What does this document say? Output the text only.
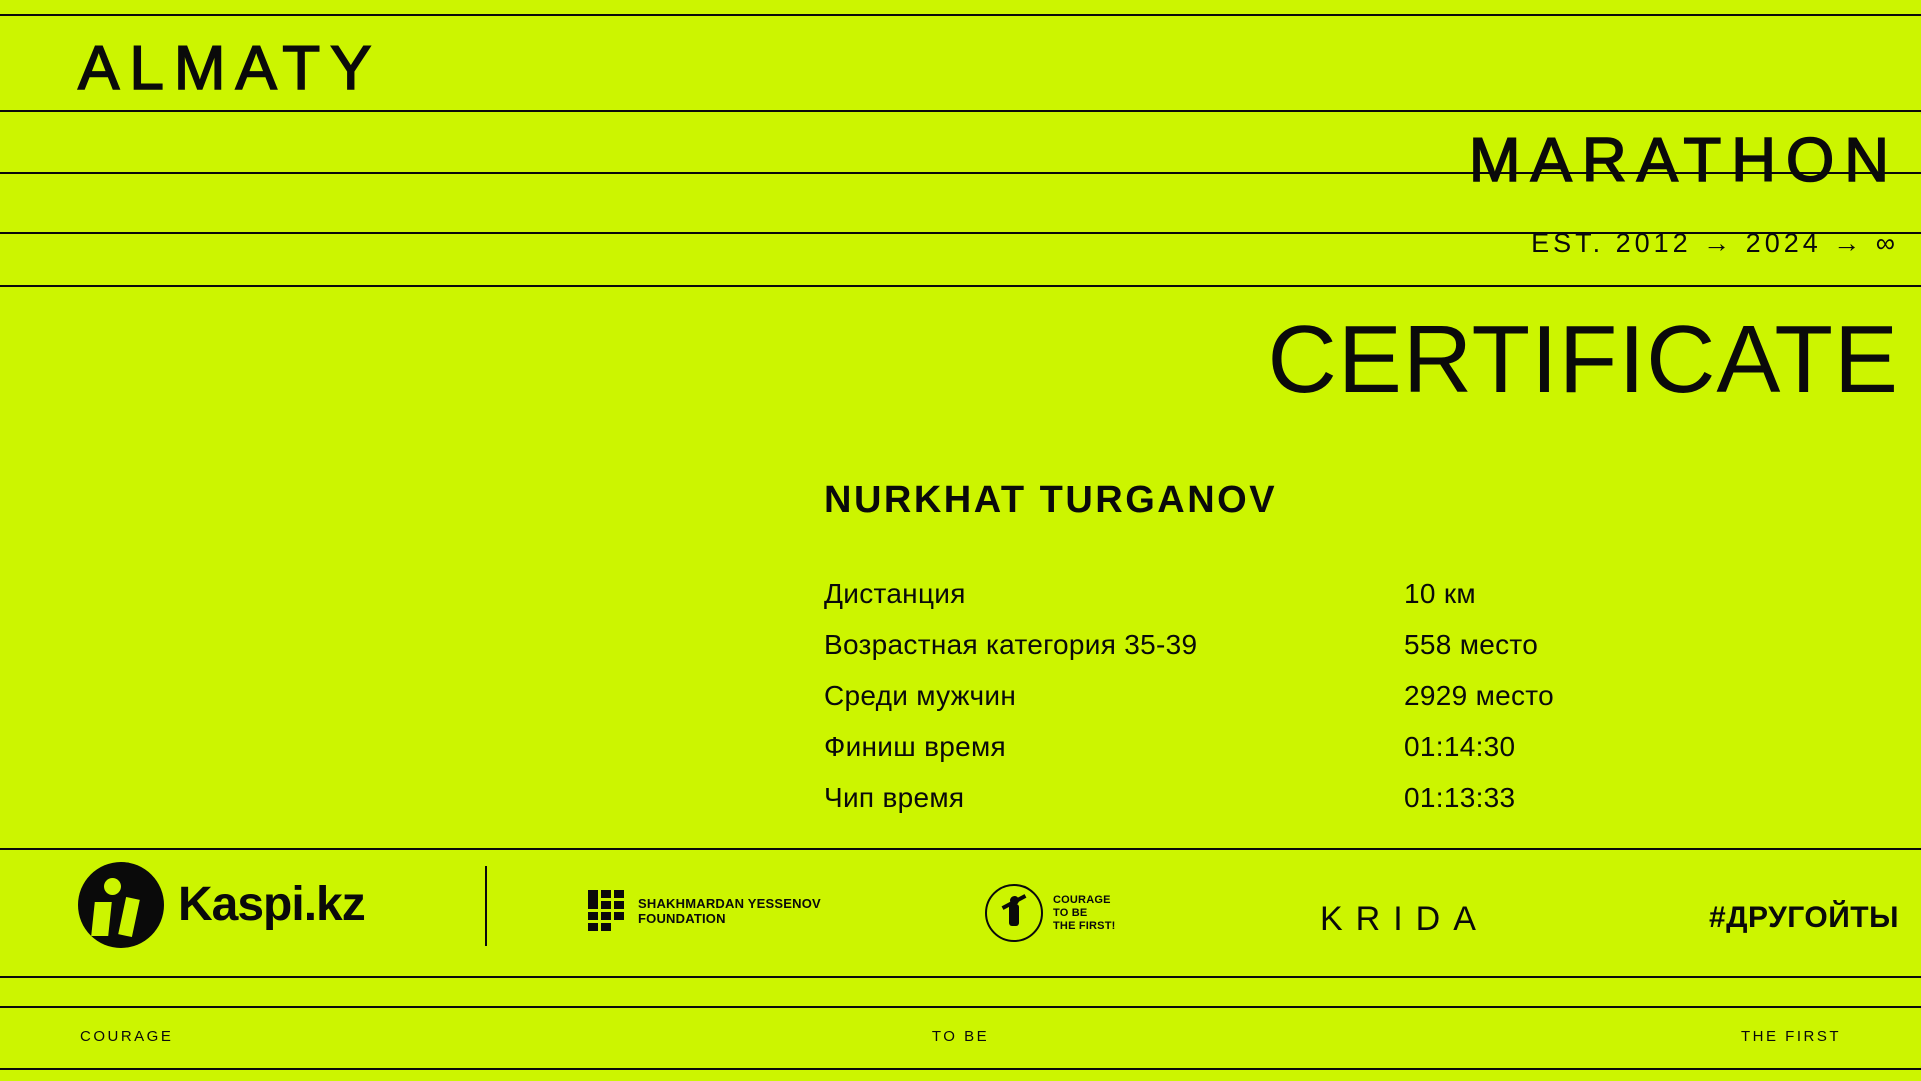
ALMATY
MARATHON
EST. 2012 → 2024 → ∞
CERTIFICATE
NURKHAT TURGANOV
Дистанция	10 км
Возрастная категория 35-39	558 место
Среди мужчин	2929 место
Финиш время	01:14:30
Чип время	01:13:33
Kaspi.kz	SHAKHMARDAN YESSENOV
FOUNDATION
COURAGE
TO BE
THE FIRST!	KRIDA	#ДРУГОЙТЫ
COURAGE	TO BE	THE FIRST
